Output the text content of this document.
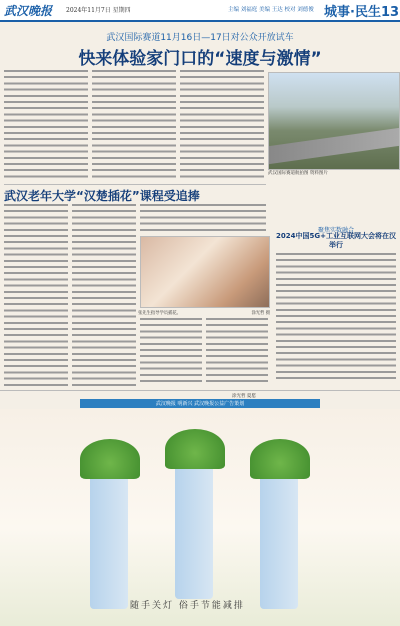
武汉晚报 2024年11月7日 星期四	主编 刘福庭 美编 王达 校对 刘德俊 城事·民生13
武汉国际赛道11月16日—17日对公众开放试车
快来体验家门口的“速度与激情”
武汉国际赛道航拍图 资料图片
武汉老年大学“汉楚插花”课程受追捧
张先生指导学员插花。	涂光哲 摄
聚焦实数融合
2024中国5G+工业互联网大会将在汉举行
涂光哲 夏愿
武汉晚报 明新兴 武汉晚报公益广告策划
随手关灯 俗手节能减排
